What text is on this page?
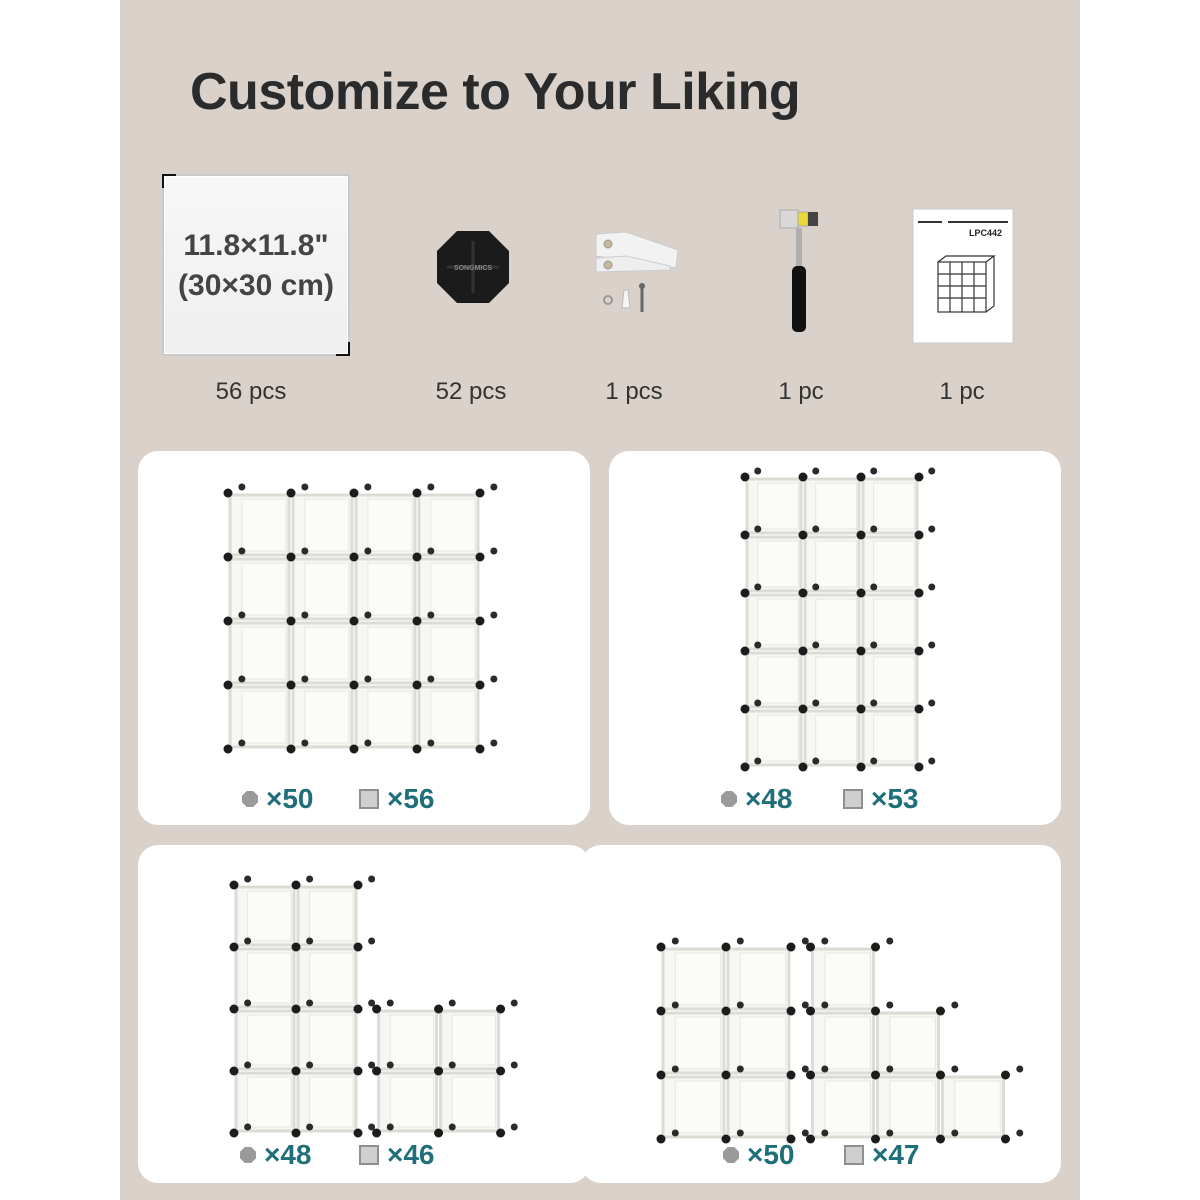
Customize to Your Liking
11.8×11.8"
(30×30 cm)
56 pcs
SONGMICS
52 pcs	1 pcs	1 pc
LPC442
1 pc
×50	×56	×48	×53
×48	×46	×50	×47
